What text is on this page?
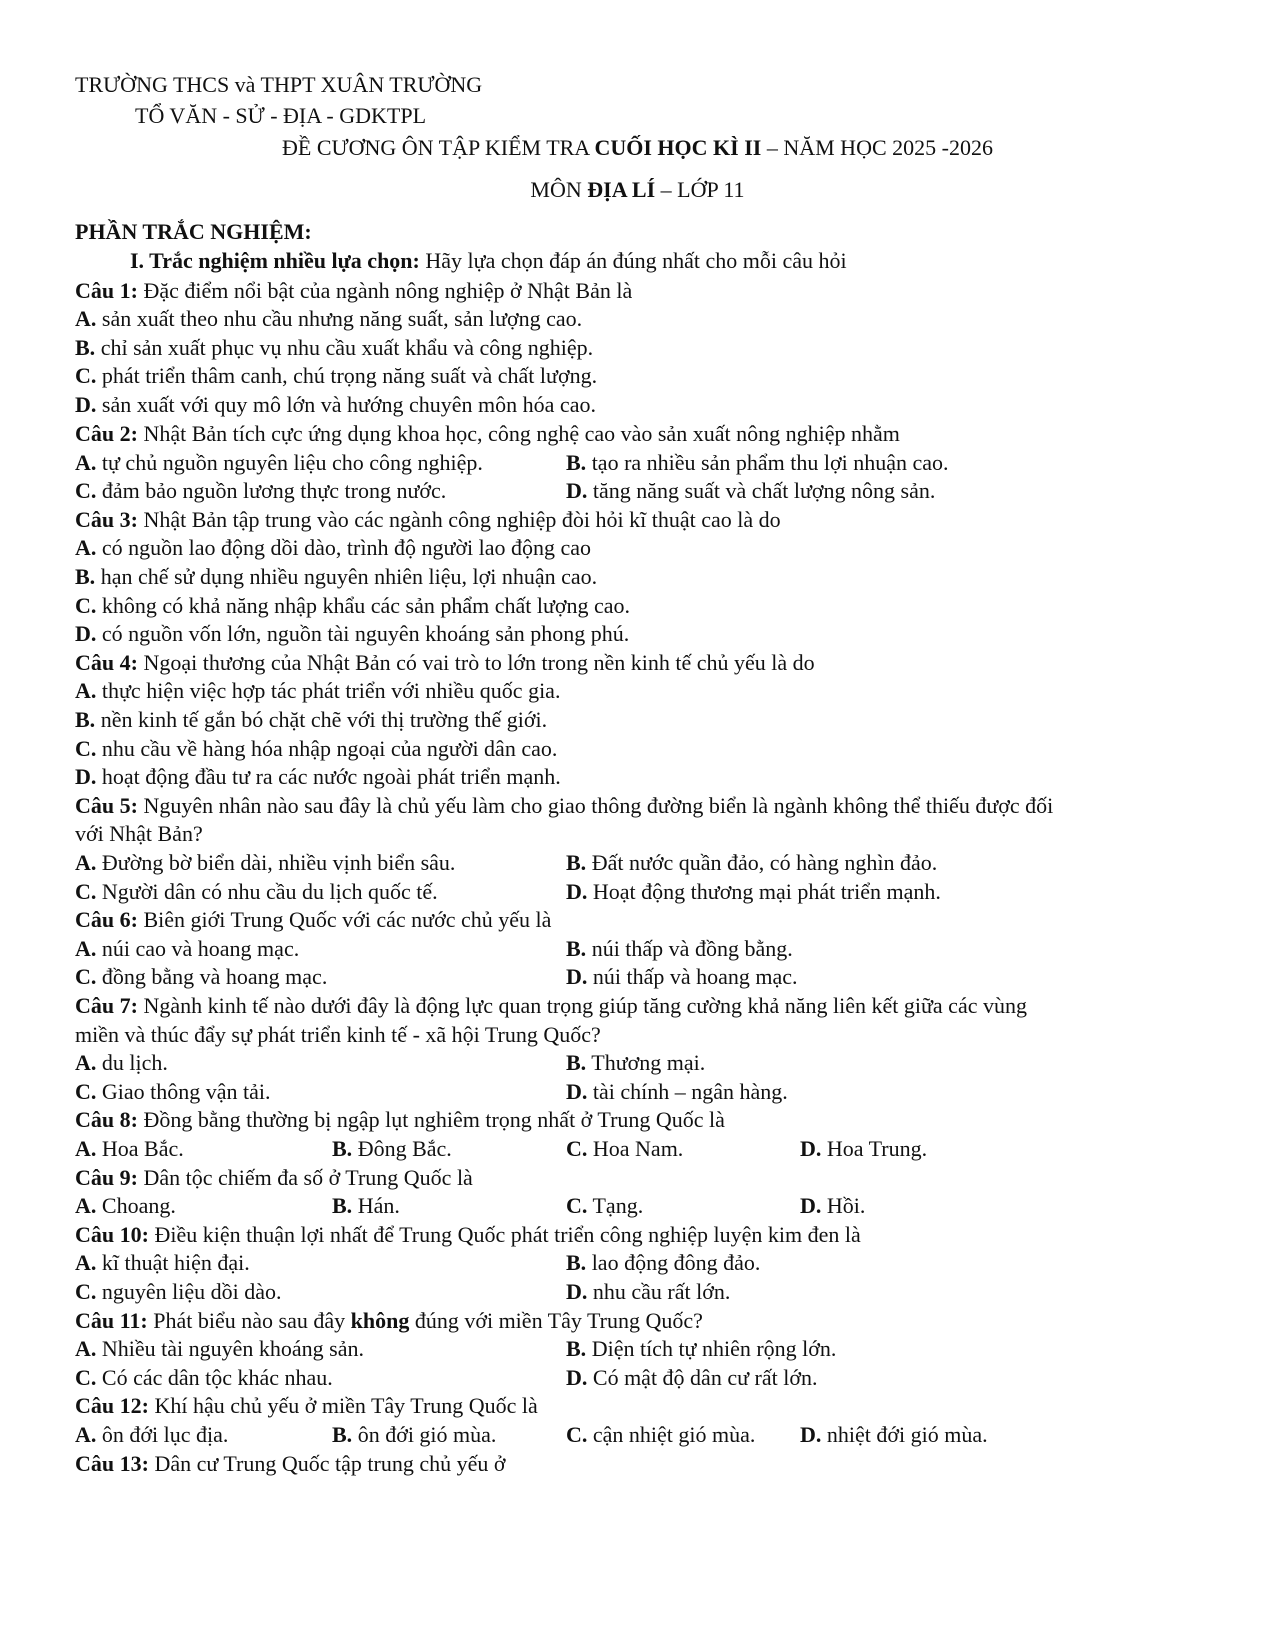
TRƯỜNG THCS và THPT XUÂN TRƯỜNG
TỔ VĂN - SỬ - ĐỊA - GDKTPL
ĐỀ CƯƠNG ÔN TẬP KIỂM TRA CUỐI HỌC KÌ II – NĂM HỌC 2025 -2026
MÔN ĐỊA LÍ – LỚP 11
PHẦN TRẮC NGHIỆM:
I. Trắc nghiệm nhiều lựa chọn: Hãy lựa chọn đáp án đúng nhất cho mỗi câu hỏi
Câu 1: Đặc điểm nổi bật của ngành nông nghiệp ở Nhật Bản là
A. sản xuất theo nhu cầu nhưng năng suất, sản lượng cao.
B. chỉ sản xuất phục vụ nhu cầu xuất khẩu và công nghiệp.
C. phát triển thâm canh, chú trọng năng suất và chất lượng.
D. sản xuất với quy mô lớn và hướng chuyên môn hóa cao.
Câu 2: Nhật Bản tích cực ứng dụng khoa học, công nghệ cao vào sản xuất nông nghiệp nhằm
A. tự chủ nguồn nguyên liệu cho công nghiệp.	B. tạo ra nhiều sản phẩm thu lợi nhuận cao.
C. đảm bảo nguồn lương thực trong nước.	D. tăng năng suất và chất lượng nông sản.
Câu 3: Nhật Bản tập trung vào các ngành công nghiệp đòi hỏi kĩ thuật cao là do
A. có nguồn lao động dồi dào, trình độ người lao động cao
B. hạn chế sử dụng nhiều nguyên nhiên liệu, lợi nhuận cao.
C. không có khả năng nhập khẩu các sản phẩm chất lượng cao.
D. có nguồn vốn lớn, nguồn tài nguyên khoáng sản phong phú.
Câu 4: Ngoại thương của Nhật Bản có vai trò to lớn trong nền kinh tế chủ yếu là do
A. thực hiện việc hợp tác phát triển với nhiều quốc gia.
B. nền kinh tế gắn bó chặt chẽ với thị trường thế giới.
C. nhu cầu về hàng hóa nhập ngoại của người dân cao.
D. hoạt động đầu tư ra các nước ngoài phát triển mạnh.
Câu 5: Nguyên nhân nào sau đây là chủ yếu làm cho giao thông đường biển là ngành không thể thiếu được đối
với Nhật Bản?
A. Đường bờ biển dài, nhiều vịnh biển sâu.	B. Đất nước quần đảo, có hàng nghìn đảo.
C. Người dân có nhu cầu du lịch quốc tế.	D. Hoạt động thương mại phát triển mạnh.
Câu 6: Biên giới Trung Quốc với các nước chủ yếu là
A. núi cao và hoang mạc.	B. núi thấp và đồng bằng.
C. đồng bằng và hoang mạc.	D. núi thấp và hoang mạc.
Câu 7: Ngành kinh tế nào dưới đây là động lực quan trọng giúp tăng cường khả năng liên kết giữa các vùng
miền và thúc đẩy sự phát triển kinh tế - xã hội Trung Quốc?
A. du lịch.	B. Thương mại.
C. Giao thông vận tải.	D. tài chính – ngân hàng.
Câu 8: Đồng bằng thường bị ngập lụt nghiêm trọng nhất ở Trung Quốc là
A. Hoa Bắc.	B. Đông Bắc.	C. Hoa Nam.	D. Hoa Trung.
Câu 9: Dân tộc chiếm đa số ở Trung Quốc là
A. Choang.	B. Hán.	C. Tạng.	D. Hồi.
Câu 10: Điều kiện thuận lợi nhất để Trung Quốc phát triển công nghiệp luyện kim đen là
A. kĩ thuật hiện đại.	B. lao động đông đảo.
C. nguyên liệu dồi dào.	D. nhu cầu rất lớn.
Câu 11: Phát biểu nào sau đây không đúng với miền Tây Trung Quốc?
A. Nhiều tài nguyên khoáng sản.	B. Diện tích tự nhiên rộng lớn.
C. Có các dân tộc khác nhau.	D. Có mật độ dân cư rất lớn.
Câu 12: Khí hậu chủ yếu ở miền Tây Trung Quốc là
A. ôn đới lục địa.	B. ôn đới gió mùa.	C. cận nhiệt gió mùa. D. nhiệt đới gió mùa.
Câu 13: Dân cư Trung Quốc tập trung chủ yếu ở
